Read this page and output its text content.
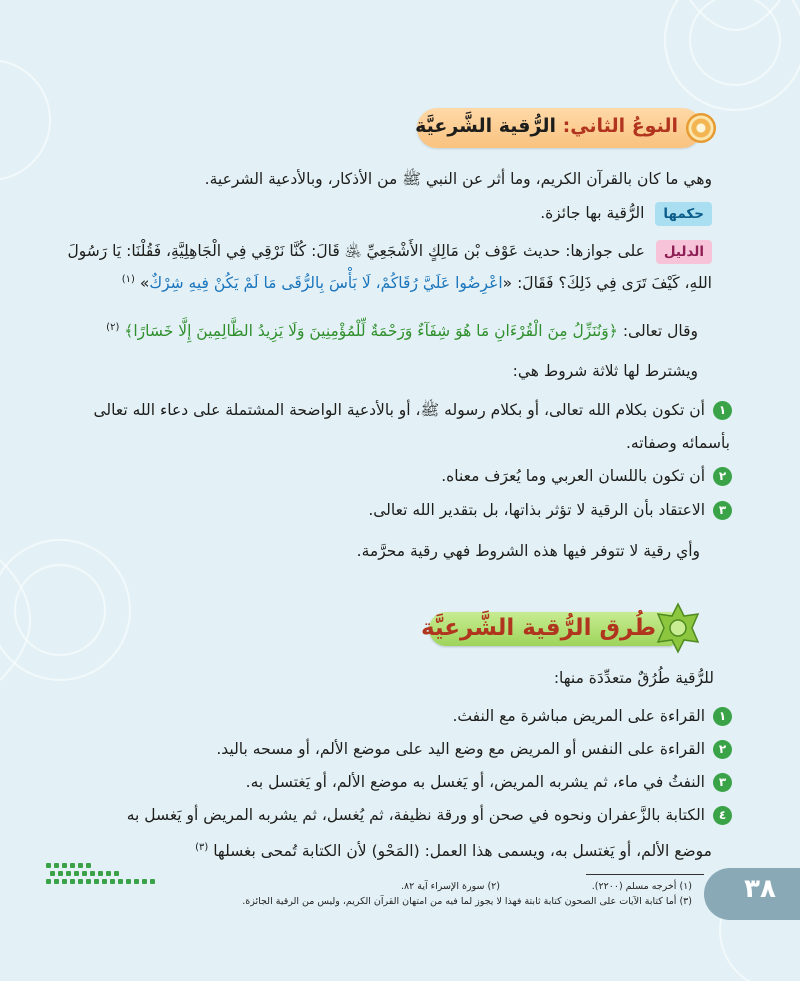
النوعُ الثاني: الرُّقية الشَّرعيَّة
وهي ما كان بالقرآن الكريم، وما أثر عن النبي ﷺ من الأذكار، وبالأدعية الشرعية.
حكمها الرُّقية بها جائزة.
الدليل على جوازها: حديث عَوْف بْن مَالِكٍ الأَشْجَعِيِّ ﵁ قَالَ: كُنَّا نَرْقِي فِي الْجَاهِلِيَّةِ، فَقُلْنَا: يَا رَسُولَ
اللهِ، كَيْفَ تَرَى فِي ذَلِكَ؟ فَقَالَ: «اعْرِضُوا عَلَيَّ رُقَاكُمْ، لَا بَأْسَ بِالرُّقَى مَا لَمْ يَكُنْ فِيهِ شِرْكٌ» $^{(١)}$
وقال تعالى: ﴿وَنُنَزِّلُ مِنَ الْقُرْءَانِ مَا هُوَ شِفَآءٌ وَرَحْمَةٌ لِّلْمُؤْمِنِينَ وَلَا يَزِيدُ الظَّالِمِينَ إِلَّا خَسَارًا﴾ $^{(٢)}$
ويشترط لها ثلاثة شروط هي:
١أن تكون بكلام الله تعالى، أو بكلام رسوله ﷺ، أو بالأدعية الواضحة المشتملة على دعاء الله تعالى
بأسمائه وصفاته.
٢أن تكون باللسان العربي وما يُعرَف معناه.
٣الاعتقاد بأن الرقية لا تؤثر بذاتها، بل بتقدير الله تعالى.
وأي رقية لا تتوفر فيها هذه الشروط فهي رقية محرَّمة.
طُرق الرُّقية الشَّرعيَّة
للرُّقية طُرُقٌ متعدِّدَة منها:
١القراءة على المريض مباشرة مع النفث.
٢القراءة على النفس أو المريض مع وضع اليد على موضع الألم، أو مسحه باليد.
٣النفثُ في ماء، ثم يشربه المريض، أو يَغسل به موضع الألم، أو يَغتسل به.
٤الكتابة بالزَّعفران ونحوه في صحن أو ورقة نظيفة، ثم يُغسل، ثم يشربه المريض أو يَغسل به
موضع الألم، أو يَغتسل به، ويسمى هذا العمل: (المَحْو) لأن الكتابة تُمحى بغسلها $^{(٣)}$
٣٨
(١) أخرجه مسلم (٢٢٠٠).
(٢) سورة الإسراء آية ٨٢.
(٣) أما كتابة الآيات على الصحون كتابة ثابتة فهذا لا يجوز لما فيه من امتهان القرآن الكريم، وليس من الرقية الجائزة.
